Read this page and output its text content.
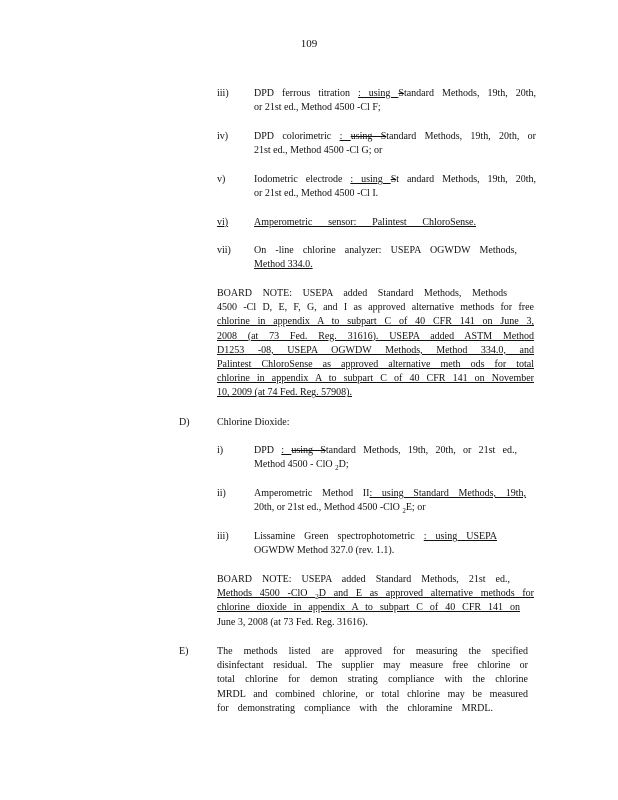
109
iii)	DPD ferrous titration : using Standard Methods, 19th, 20th,
or 21st ed., Method 4500 -Cl F;
iv)	DPD colorimetric : using Standard Methods, 19th, 20th, or
21st ed., Method 4500 -Cl G; or
v)	Iodometric electrode : using St andard Methods, 19th, 20th,
or 21st ed., Method 4500 -Cl I.
vi)	Amperometric sensor: Palintest ChloroSense.
vii) On -line chlorine analyzer: USEPA OGWDW Methods,
Method 334.0.
BOARD NOTE: USEPA added Standard Methods, Methods
4500 -Cl D, E, F, G, and I as approved alternative methods for free
chlorine in appendix A to subpart C of 40 CFR 141 on June 3,
2008 (at 73 Fed. Reg. 31616). USEPA added ASTM Method
D1253 -08, USEPA OGWDW Methods, Method 334.0, and
Palintest ChloroSense as approved alternative meth ods for total
chlorine in appendix A to subpart C of 40 CFR 141 on November
10, 2009 (at 74 Fed. Reg. 57908).
D)	Chlorine Dioxide:
i)	DPD : using Standard Methods, 19th, 20th, or 21st ed.,
Method 4500 - ClO $_2$D;
ii)	Amperometric Method II: using Standard Methods, 19th,
20th, or 21st ed., Method 4500 -ClO $_2$E; or
iii)	Lissamine Green spectrophotometric : using USEPA
OGWDW Method 327.0 (rev. 1.1).
BOARD NOTE: USEPA added Standard Methods, 21st ed.,
Methods 4500 -ClO $_2$D and E as approved alternative methods for
chlorine dioxide in appendix A to subpart C of 40 CFR 141 on
June 3, 2008 (at 73 Fed. Reg. 31616).
E)	The methods listed are approved for measuring the specified
disinfectant residual. The supplier may measure free chlorine or
total chlorine for demon strating compliance with the chlorine
MRDL and combined chlorine, or total chlorine may be measured
for demonstrating compliance with the chloramine MRDL.
